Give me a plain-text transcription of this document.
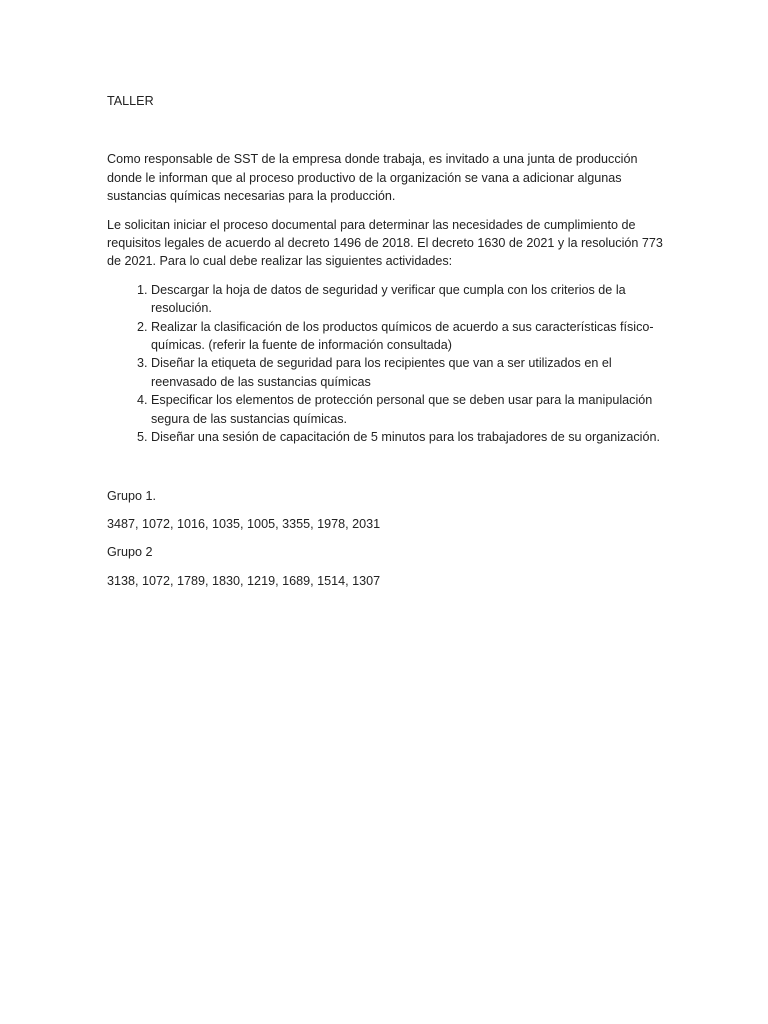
TALLER

Como responsable de SST de la empresa donde trabaja, es invitado a una junta de producción donde le informan que al proceso productivo de la organización se vana a adicionar algunas sustancias químicas necesarias para la producción.

Le solicitan iniciar el proceso documental para determinar las necesidades de cumplimiento de requisitos legales de acuerdo al decreto 1496 de 2018. El decreto 1630 de 2021 y la resolución 773 de 2021. Para lo cual debe realizar las siguientes actividades:

1. Descargar la hoja de datos de seguridad y verificar que cumpla con los criterios de la resolución.
2. Realizar la clasificación de los productos químicos de acuerdo a sus características físico-químicas. (referir la fuente de información consultada)
3. Diseñar la etiqueta de seguridad para los recipientes que van a ser utilizados en el reenvasado de las sustancias químicas
4. Especificar los elementos de protección personal que se deben usar para la manipulación segura de las sustancias químicas.
5. Diseñar una sesión de capacitación de 5 minutos para los trabajadores de su organización.

Grupo 1.

3487, 1072, 1016, 1035, 1005, 3355, 1978, 2031

Grupo 2

3138, 1072, 1789, 1830, 1219, 1689, 1514, 1307
